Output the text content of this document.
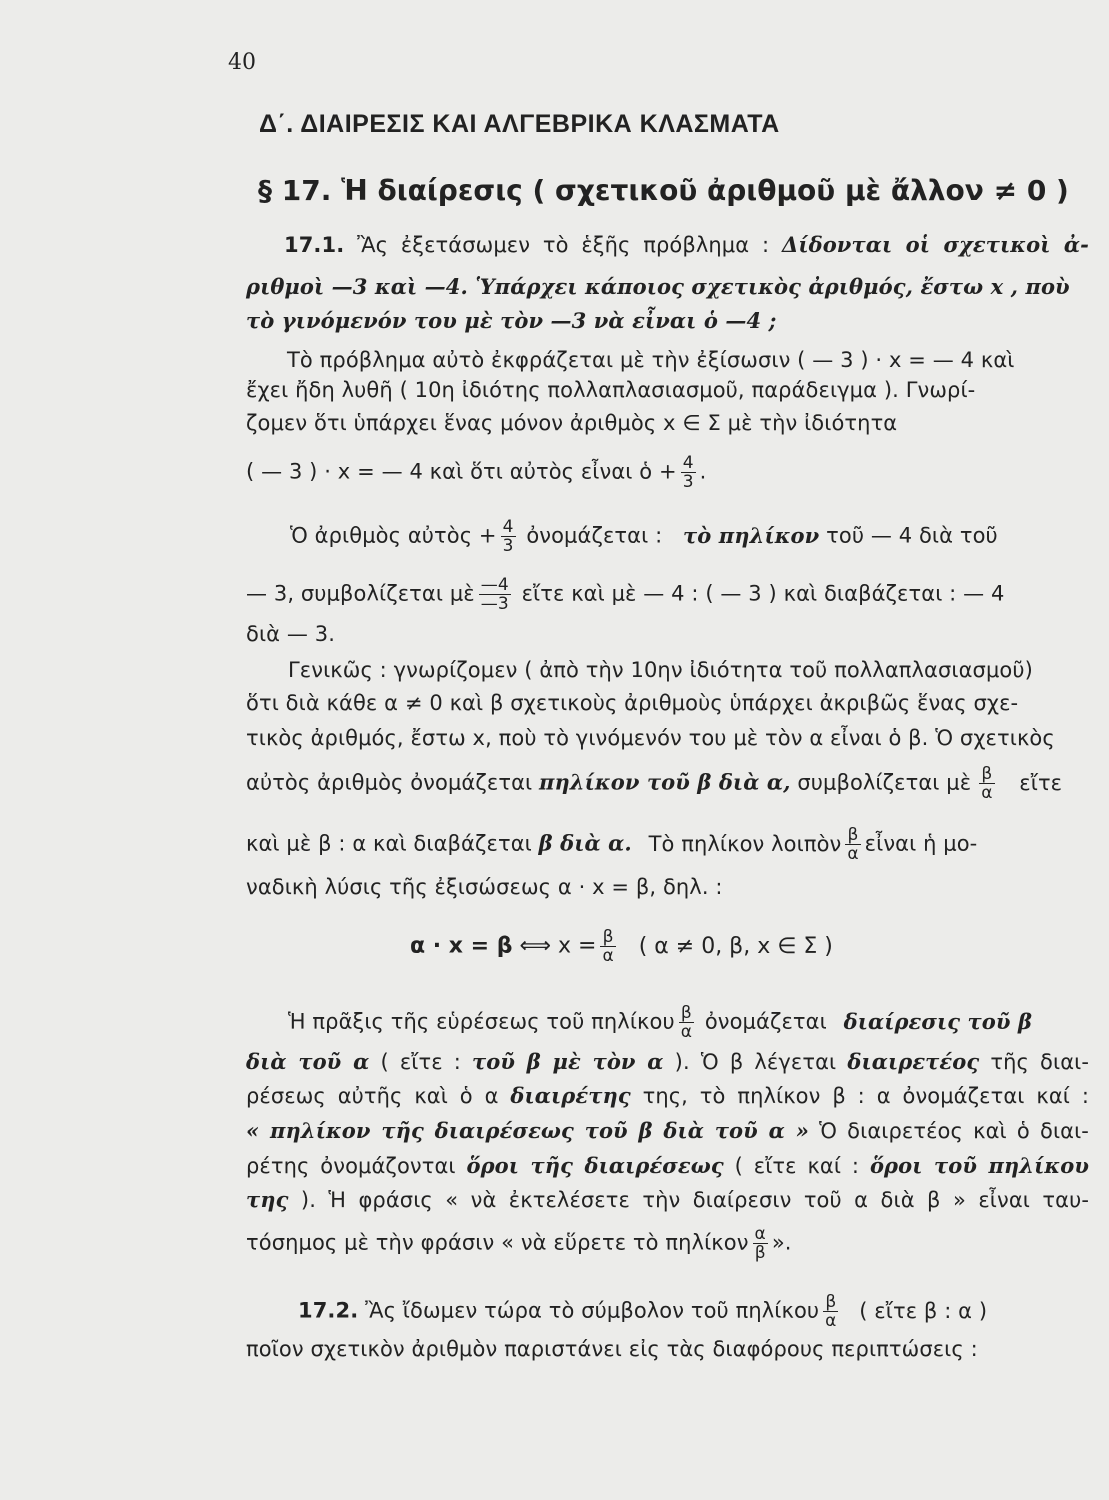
40
Δ΄. ΔΙΑΙΡΕΣΙΣ ΚΑΙ ΑΛΓΕΒΡΙΚΑ ΚΛΑΣΜΑΤΑ
§ 17. Ἡ διαίρεσις ( σχετικοῦ ἀριθμοῦ μὲ ἄλλον ≠ 0 )
17.1. Ἂς ἐξετάσωμεν τὸ ἑξῆς πρόβλημα : Δίδονται οἱ σχετικοὶ ἀ-
ριθμοὶ —3 καὶ —4. Ὑπάρχει κάποιος σχετικὸς ἀριθμός, ἔστω x , ποὺ
τὸ γινόμενόν του μὲ τὸν —3 νὰ εἶναι ὁ —4 ;
Τὸ πρόβλημα αὐτὸ ἐκφράζεται μὲ τὴν ἐξίσωσιν ( — 3 ) · x = — 4 καὶ
ἔχει ἤδη λυθῆ ( 10η ἰδιότης πολλαπλασιασμοῦ, παράδειγμα ). Γνωρί-
ζομεν ὅτι ὑπάρχει ἕνας μόνον ἀριθμὸς x ∈ Σ μὲ τὴν ἰδιότητα
( — 3 ) · x = — 4 καὶ ὅτι αὐτὸς εἶναι ὁ + $\frac{4}{3}$ .
Ὁ ἀριθμὸς αὐτὸς + $\frac{4}{3}$ ὀνομάζεται : τὸ πηλίκον τοῦ — 4 διὰ τοῦ
— 3, συμβολίζεται μὲ $\frac{—4}{—3}$ εἴτε καὶ μὲ — 4 : ( — 3 ) καὶ διαβάζεται : — 4
διὰ — 3.
Γενικῶς : γνωρίζομεν ( ἀπὸ τὴν 10ην ἰδιότητα τοῦ πολλαπλασιασμοῦ)
ὅτι διὰ κάθε α ≠ 0 καὶ β σχετικοὺς ἀριθμοὺς ὑπάρχει ἀκριβῶς ἕνας σχε-
τικὸς ἀριθμός, ἔστω x, ποὺ τὸ γινόμενόν του μὲ τὸν α εἶναι ὁ β. Ὁ σχετικὸς
αὐτὸς ἀριθμὸς ὀνομάζεται πηλίκον τοῦ β διὰ α, συμβολίζεται μὲ $\frac{\beta}{\alpha}$ εἴτε
καὶ μὲ β : α καὶ διαβάζεται β διὰ α. Τὸ πηλίκον λοιπὸν $\frac{\beta}{\alpha}$ εἶναι ἡ μο-
ναδικὴ λύσις τῆς ἐξισώσεως α · x = β, δηλ. :
α · x = β ⟺ $x = \frac{\beta}{\alpha}$ ( α ≠ 0, β, x ∈ Σ )
Ἡ πρᾶξις τῆς εὑρέσεως τοῦ πηλίκου $\frac{\beta}{\alpha}$ ὀνομάζεται διαίρεσις τοῦ β
διὰ τοῦ α ( εἴτε : τοῦ β μὲ τὸν α ). Ὁ β λέγεται διαιρετέος τῆς διαι-
ρέσεως αὐτῆς καὶ ὁ α διαιρέτης της, τὸ πηλίκον β : α ὀνομάζεται καί :
« πηλίκον τῆς διαιρέσεως τοῦ β διὰ τοῦ α » Ὁ διαιρετέος καὶ ὁ διαι-
ρέτης ὀνομάζονται ὅροι τῆς διαιρέσεως ( εἴτε καί : ὅροι τοῦ πηλίκου
της ). Ἡ φράσις « νὰ ἐκτελέσετε τὴν διαίρεσιν τοῦ α διὰ β » εἶναι ταυ-
τόσημος μὲ τὴν φράσιν « νὰ εὕρετε τὸ πηλίκον $\frac{\alpha}{\beta}$ ».
17.2. Ἂς ἴδωμεν τώρα τὸ σύμβολον τοῦ πηλίκου $\frac{\beta}{\alpha}$ ( εἴτε β : α )
ποῖον σχετικὸν ἀριθμὸν παριστάνει εἰς τὰς διαφόρους περιπτώσεις :
